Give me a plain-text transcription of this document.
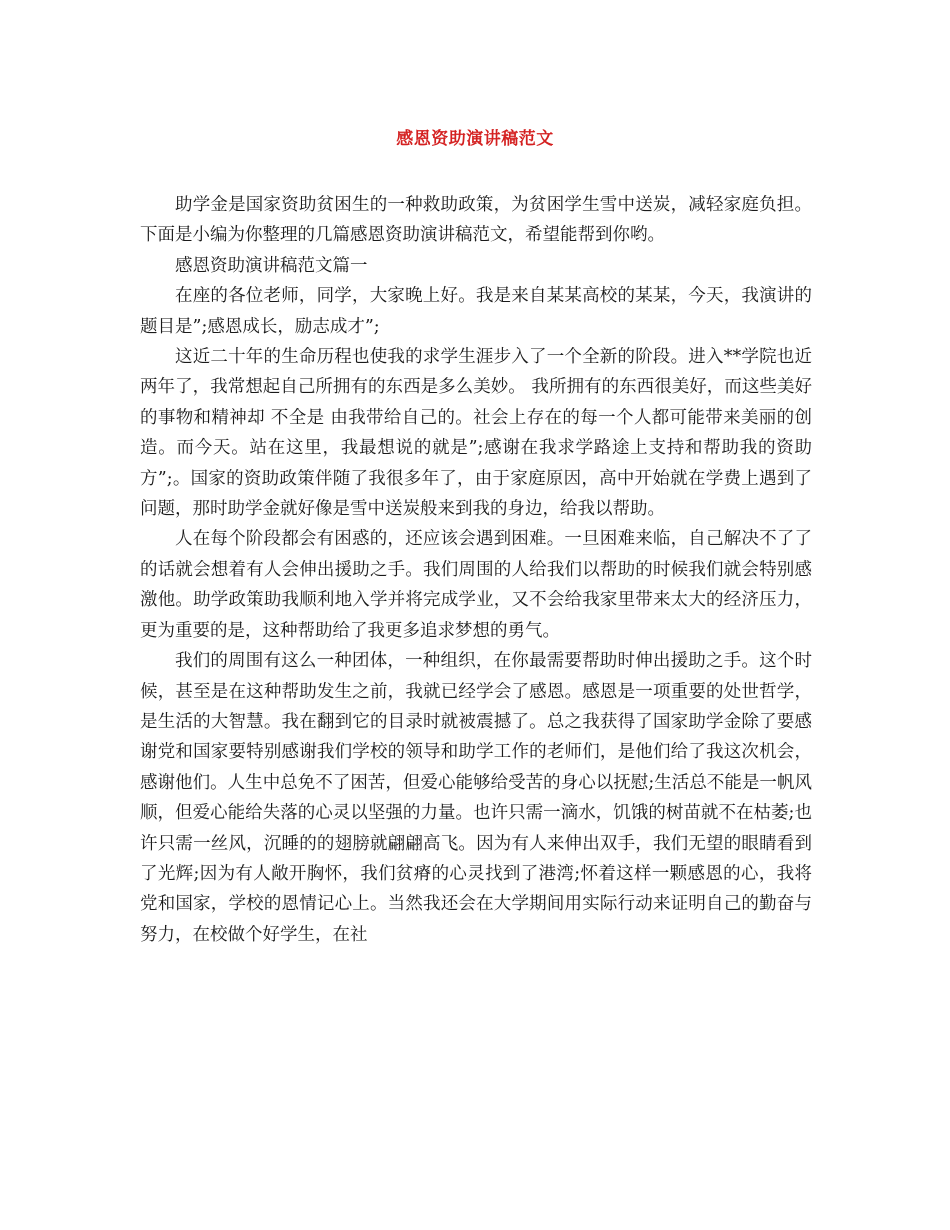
感恩资助演讲稿范文

助学金是国家资助贫困生的一种救助政策，为贫困学生雪中送炭，减轻家庭负担。下面是小编为你整理的几篇感恩资助演讲稿范文，希望能帮到你哟。

感恩资助演讲稿范文篇一

在座的各位老师，同学，大家晚上好。我是来自某某高校的某某，今天，我演讲的题目是”;感恩成长，励志成才”;

这近二十年的生命历程也使我的求学生涯步入了一个全新的阶段。进入**学院也近两年了，我常想起自己所拥有的东西是多么美妙。 我所拥有的东西很美好，而这些美好的事物和精神却 不全是 由我带给自己的。社会上存在的每一个人都可能带来美丽的创造。而今天。站在这里，我最想说的就是”;感谢在我求学路途上支持和帮助我的资助方”;。国家的资助政策伴随了我很多年了，由于家庭原因，高中开始就在学费上遇到了问题，那时助学金就好像是雪中送炭般来到我的身边，给我以帮助。

人在每个阶段都会有困惑的，还应该会遇到困难。一旦困难来临，自己解决不了了的话就会想着有人会伸出援助之手。我们周围的人给我们以帮助的时候我们就会特别感激他。助学政策助我顺利地入学并将完成学业，又不会给我家里带来太大的经济压力，更为重要的是，这种帮助给了我更多追求梦想的勇气。

我们的周围有这么一种团体，一种组织，在你最需要帮助时伸出援助之手。这个时候，甚至是在这种帮助发生之前，我就已经学会了感恩。感恩是一项重要的处世哲学，是生活的大智慧。我在翻到它的目录时就被震撼了。总之我获得了国家助学金除了要感谢党和国家要特别感谢我们学校的领导和助学工作的老师们，是他们给了我这次机会，感谢他们。人生中总免不了困苦，但爱心能够给受苦的身心以抚慰;生活总不能是一帆风顺，但爱心能给失落的心灵以坚强的力量。也许只需一滴水，饥饿的树苗就不在枯萎;也许只需一丝风，沉睡的的翅膀就翩翩高飞。因为有人来伸出双手，我们无望的眼睛看到了光辉;因为有人敞开胸怀，我们贫瘠的心灵找到了港湾;怀着这样一颗感恩的心，我将党和国家，学校的恩情记心上。当然我还会在大学期间用实际行动来证明自己的勤奋与努力，在校做个好学生，在社
